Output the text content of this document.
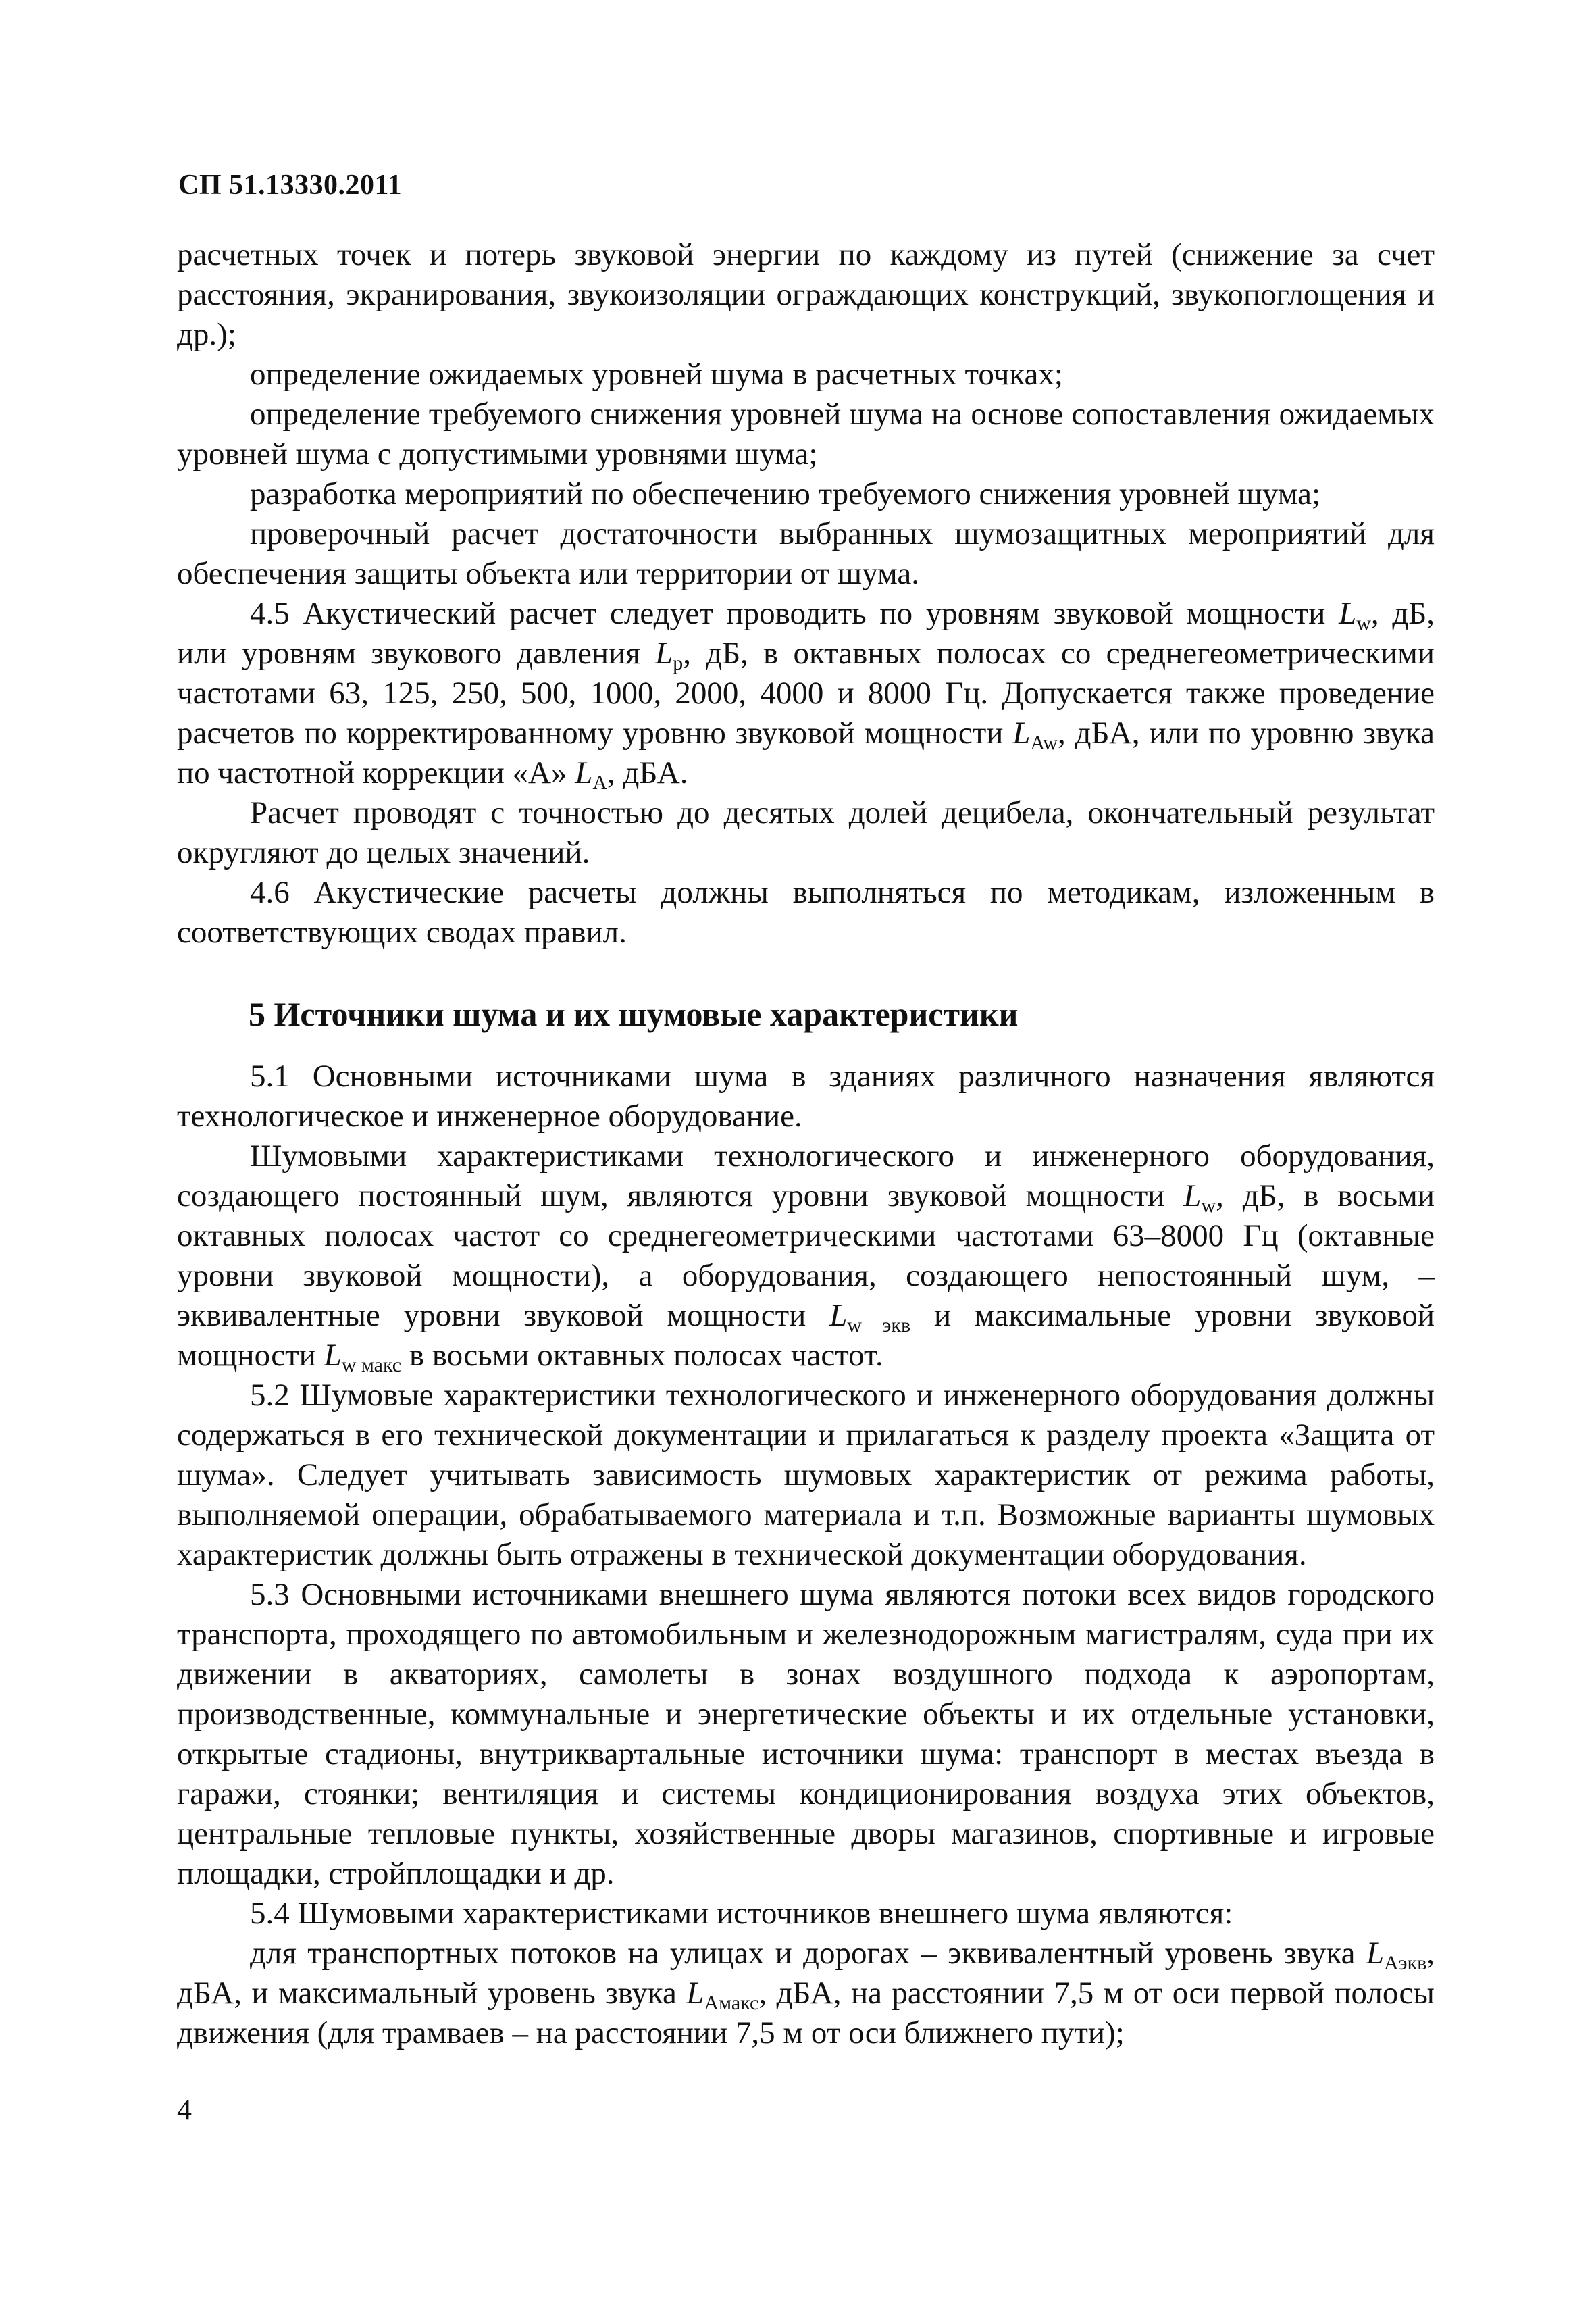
СП 51.13330.2011

расчетных точек и потерь звуковой энергии по каждому из путей (снижение за счет расстояния, экранирования, звукоизоляции ограждающих конструкций, звукопоглощения и др.);

определение ожидаемых уровней шума в расчетных точках;

определение требуемого снижения уровней шума на основе сопоставления ожидаемых уровней шума с допустимыми уровнями шума;

разработка мероприятий по обеспечению требуемого снижения уровней шума;

проверочный расчет достаточности выбранных шумозащитных мероприятий для обеспечения защиты объекта или территории от шума.

4.5 Акустический расчет следует проводить по уровням звуковой мощности $L_w$, дБ, или уровням звукового давления $L_p$, дБ, в октавных полосах со среднегеометрическими частотами 63, 125, 250, 500, 1000, 2000, 4000 и 8000 Гц. Допускается также проведение расчетов по корректированному уровню звуковой мощности $L_{Aw}$, дБА, или по уровню звука по частотной коррекции «А» $L_A$, дБА.

Расчет проводят с точностью до десятых долей децибела, окончательный результат округляют до целых значений.

4.6 Акустические расчеты должны выполняться по методикам, изложенным в соответствующих сводах правил.

5 Источники шума и их шумовые характеристики

5.1 Основными источниками шума в зданиях различного назначения являются технологическое и инженерное оборудование.

Шумовыми характеристиками технологического и инженерного оборудования, создающего постоянный шум, являются уровни звуковой мощности $L_w$, дБ, в восьми октавных полосах частот со среднегеометрическими частотами 63–8000 Гц (октавные уровни звуковой мощности), а оборудования, создающего непостоянный шум, – эквивалентные уровни звуковой мощности $L_{w экв}$ и максимальные уровни звуковой мощности $L_{w макс}$ в восьми октавных полосах частот.

5.2 Шумовые характеристики технологического и инженерного оборудования должны содержаться в его технической документации и прилагаться к разделу проекта «Защита от шума». Следует учитывать зависимость шумовых характеристик от режима работы, выполняемой операции, обрабатываемого материала и т.п. Возможные варианты шумовых характеристик должны быть отражены в технической документации оборудования.

5.3 Основными источниками внешнего шума являются потоки всех видов городского транспорта, проходящего по автомобильным и железнодорожным магистралям, суда при их движении в акваториях, самолеты в зонах воздушного подхода к аэропортам, производственные, коммунальные и энергетические объекты и их отдельные установки, открытые стадионы, внутриквартальные источники шума: транспорт в местах въезда в гаражи, стоянки; вентиляция и системы кондиционирования воздуха этих объектов, центральные тепловые пункты, хозяйственные дворы магазинов, спортивные и игровые площадки, стройплощадки и др.

5.4 Шумовыми характеристиками источников внешнего шума являются:

для транспортных потоков на улицах и дорогах – эквивалентный уровень звука $L_{Aэкв}$, дБА, и максимальный уровень звука $L_{Aмакс}$, дБА, на расстоянии 7,5 м от оси первой полосы движения (для трамваев – на расстоянии 7,5 м от оси ближнего пути);

4
